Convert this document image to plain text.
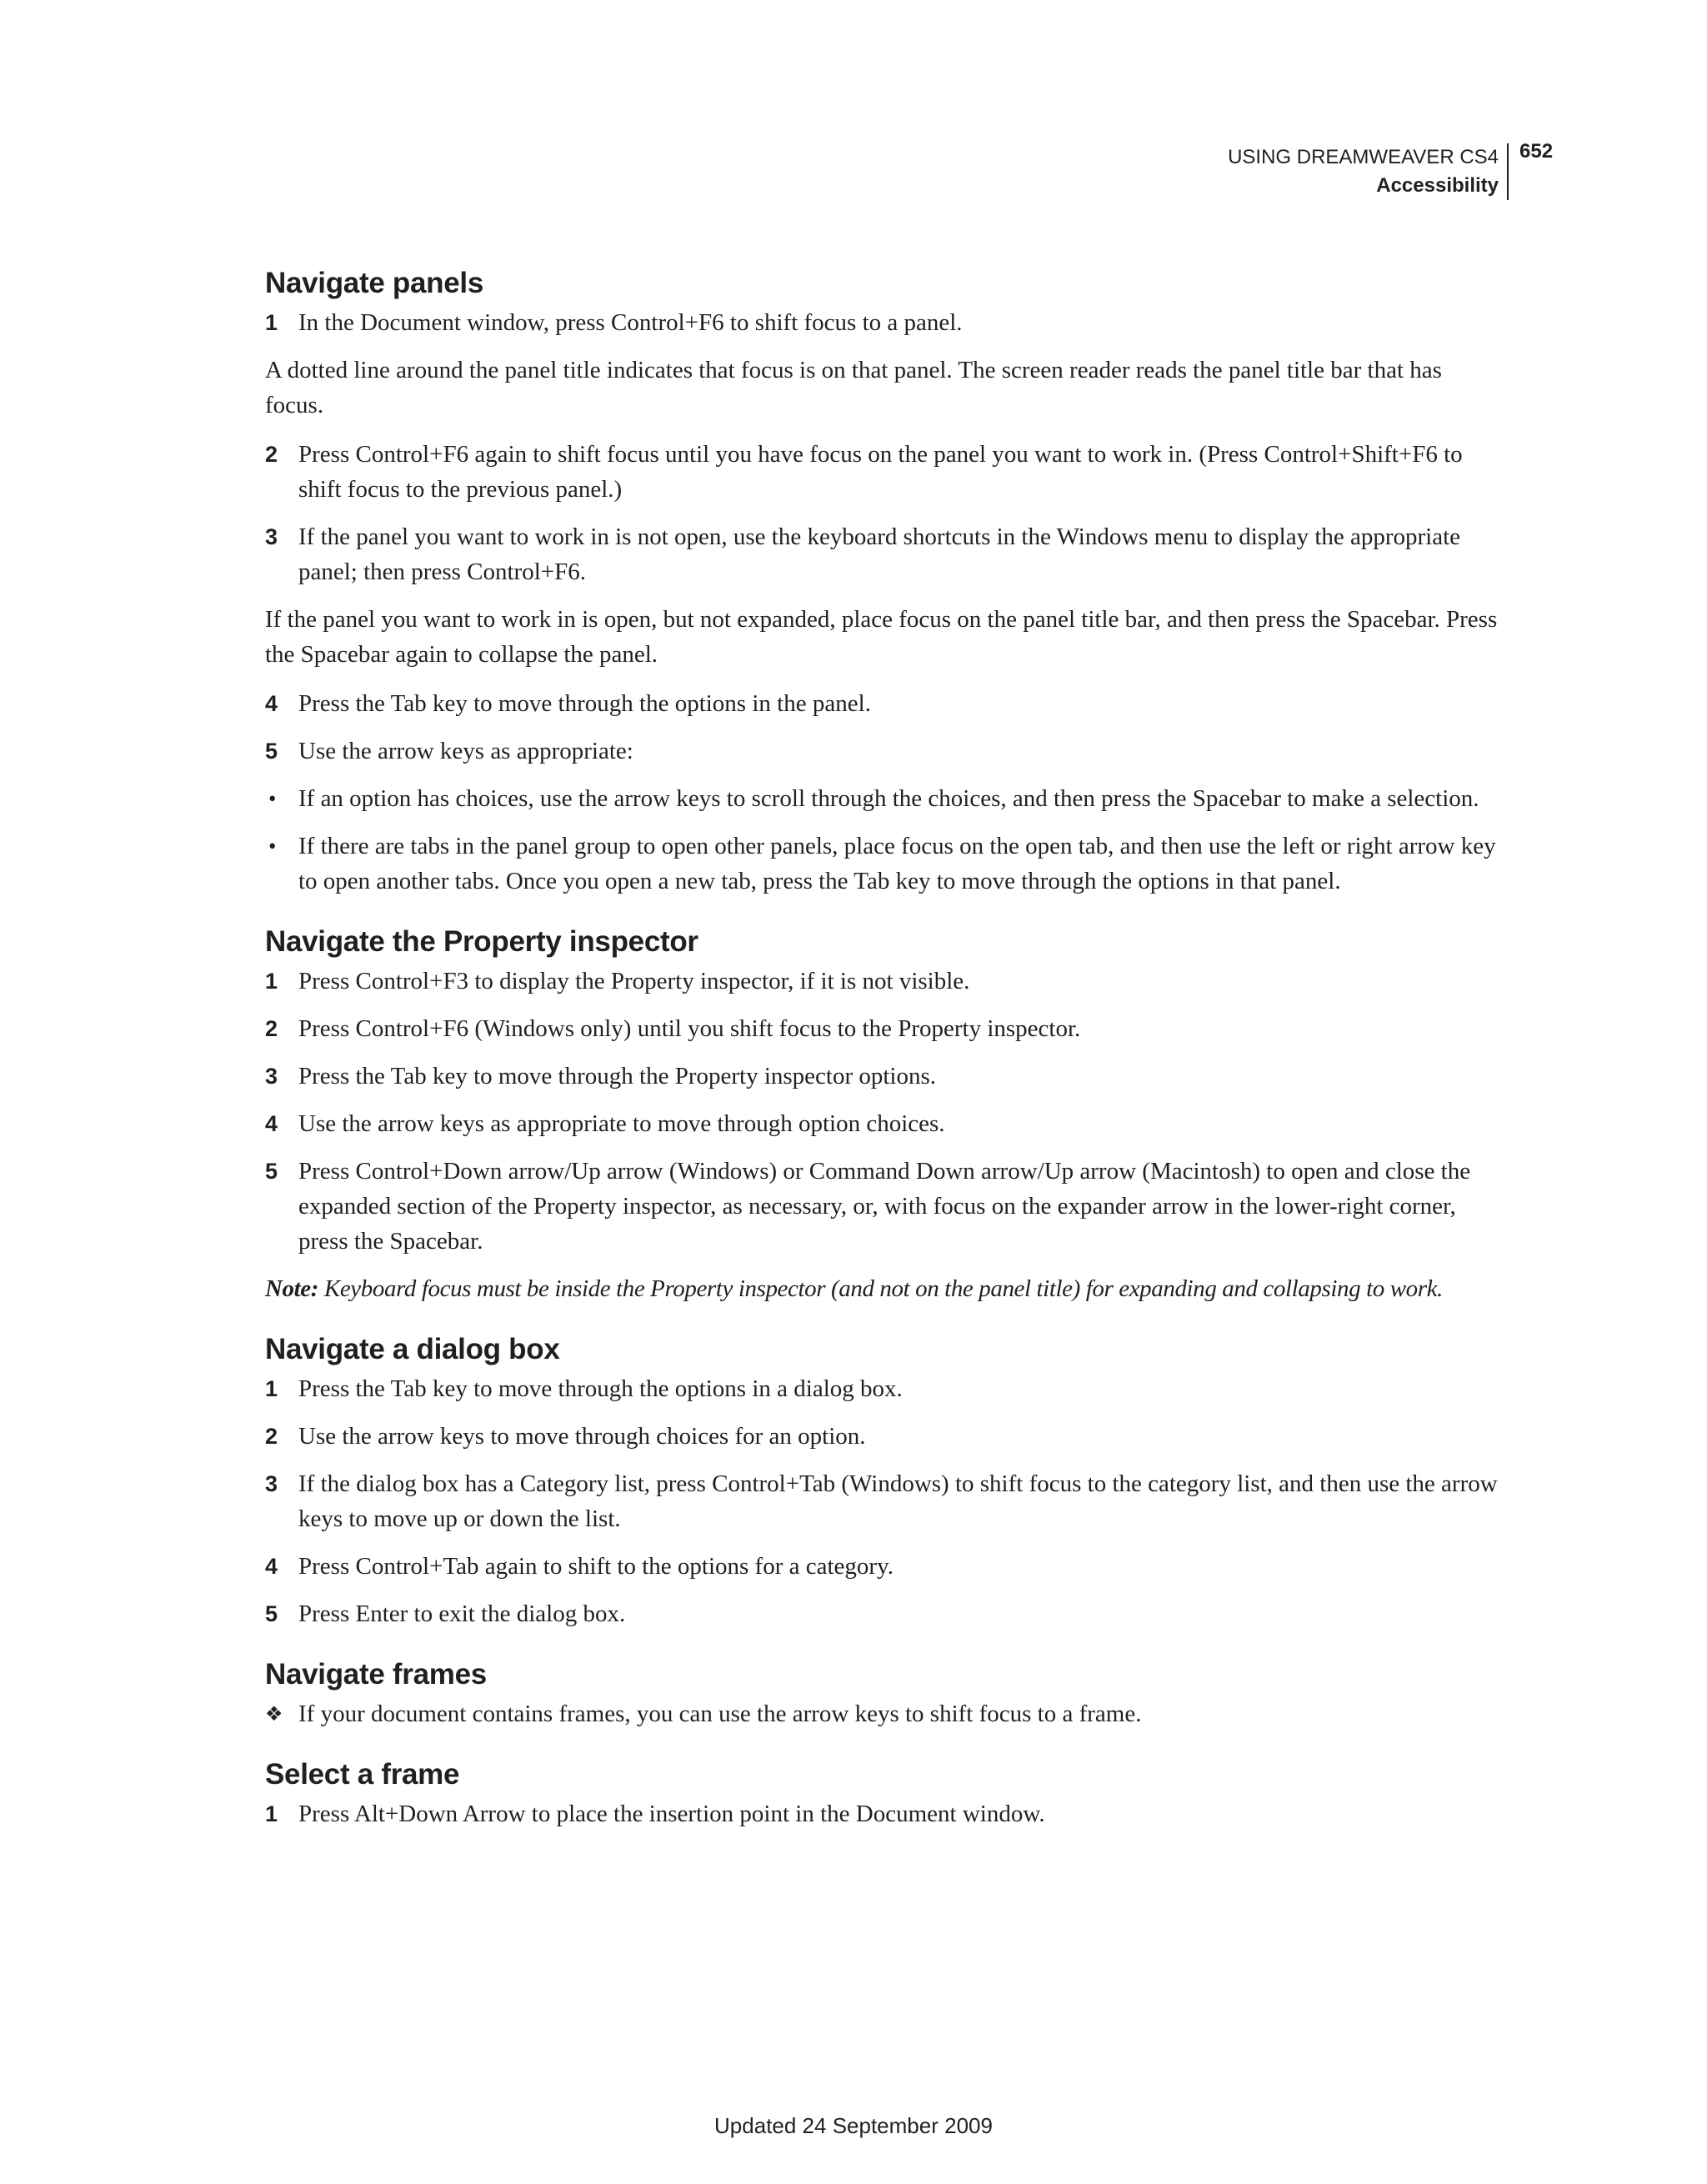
USING DREAMWEAVER CS4
Accessibility
652
Navigate panels
1 In the Document window, press Control+F6 to shift focus to a panel.
A dotted line around the panel title indicates that focus is on that panel. The screen reader reads the panel title bar that has focus.
2 Press Control+F6 again to shift focus until you have focus on the panel you want to work in. (Press Control+Shift+F6 to shift focus to the previous panel.)
3 If the panel you want to work in is not open, use the keyboard shortcuts in the Windows menu to display the appropriate panel; then press Control+F6.
If the panel you want to work in is open, but not expanded, place focus on the panel title bar, and then press the Spacebar. Press the Spacebar again to collapse the panel.
4 Press the Tab key to move through the options in the panel.
5 Use the arrow keys as appropriate:
• If an option has choices, use the arrow keys to scroll through the choices, and then press the Spacebar to make a selection.
• If there are tabs in the panel group to open other panels, place focus on the open tab, and then use the left or right arrow key to open another tabs. Once you open a new tab, press the Tab key to move through the options in that panel.
Navigate the Property inspector
1 Press Control+F3 to display the Property inspector, if it is not visible.
2 Press Control+F6 (Windows only) until you shift focus to the Property inspector.
3 Press the Tab key to move through the Property inspector options.
4 Use the arrow keys as appropriate to move through option choices.
5 Press Control+Down arrow/Up arrow (Windows) or Command Down arrow/Up arrow (Macintosh) to open and close the expanded section of the Property inspector, as necessary, or, with focus on the expander arrow in the lower-right corner, press the Spacebar.
Note: Keyboard focus must be inside the Property inspector (and not on the panel title) for expanding and collapsing to work.
Navigate a dialog box
1 Press the Tab key to move through the options in a dialog box.
2 Use the arrow keys to move through choices for an option.
3 If the dialog box has a Category list, press Control+Tab (Windows) to shift focus to the category list, and then use the arrow keys to move up or down the list.
4 Press Control+Tab again to shift to the options for a category.
5 Press Enter to exit the dialog box.
Navigate frames
❖ If your document contains frames, you can use the arrow keys to shift focus to a frame.
Select a frame
1 Press Alt+Down Arrow to place the insertion point in the Document window.
Updated 24 September 2009
